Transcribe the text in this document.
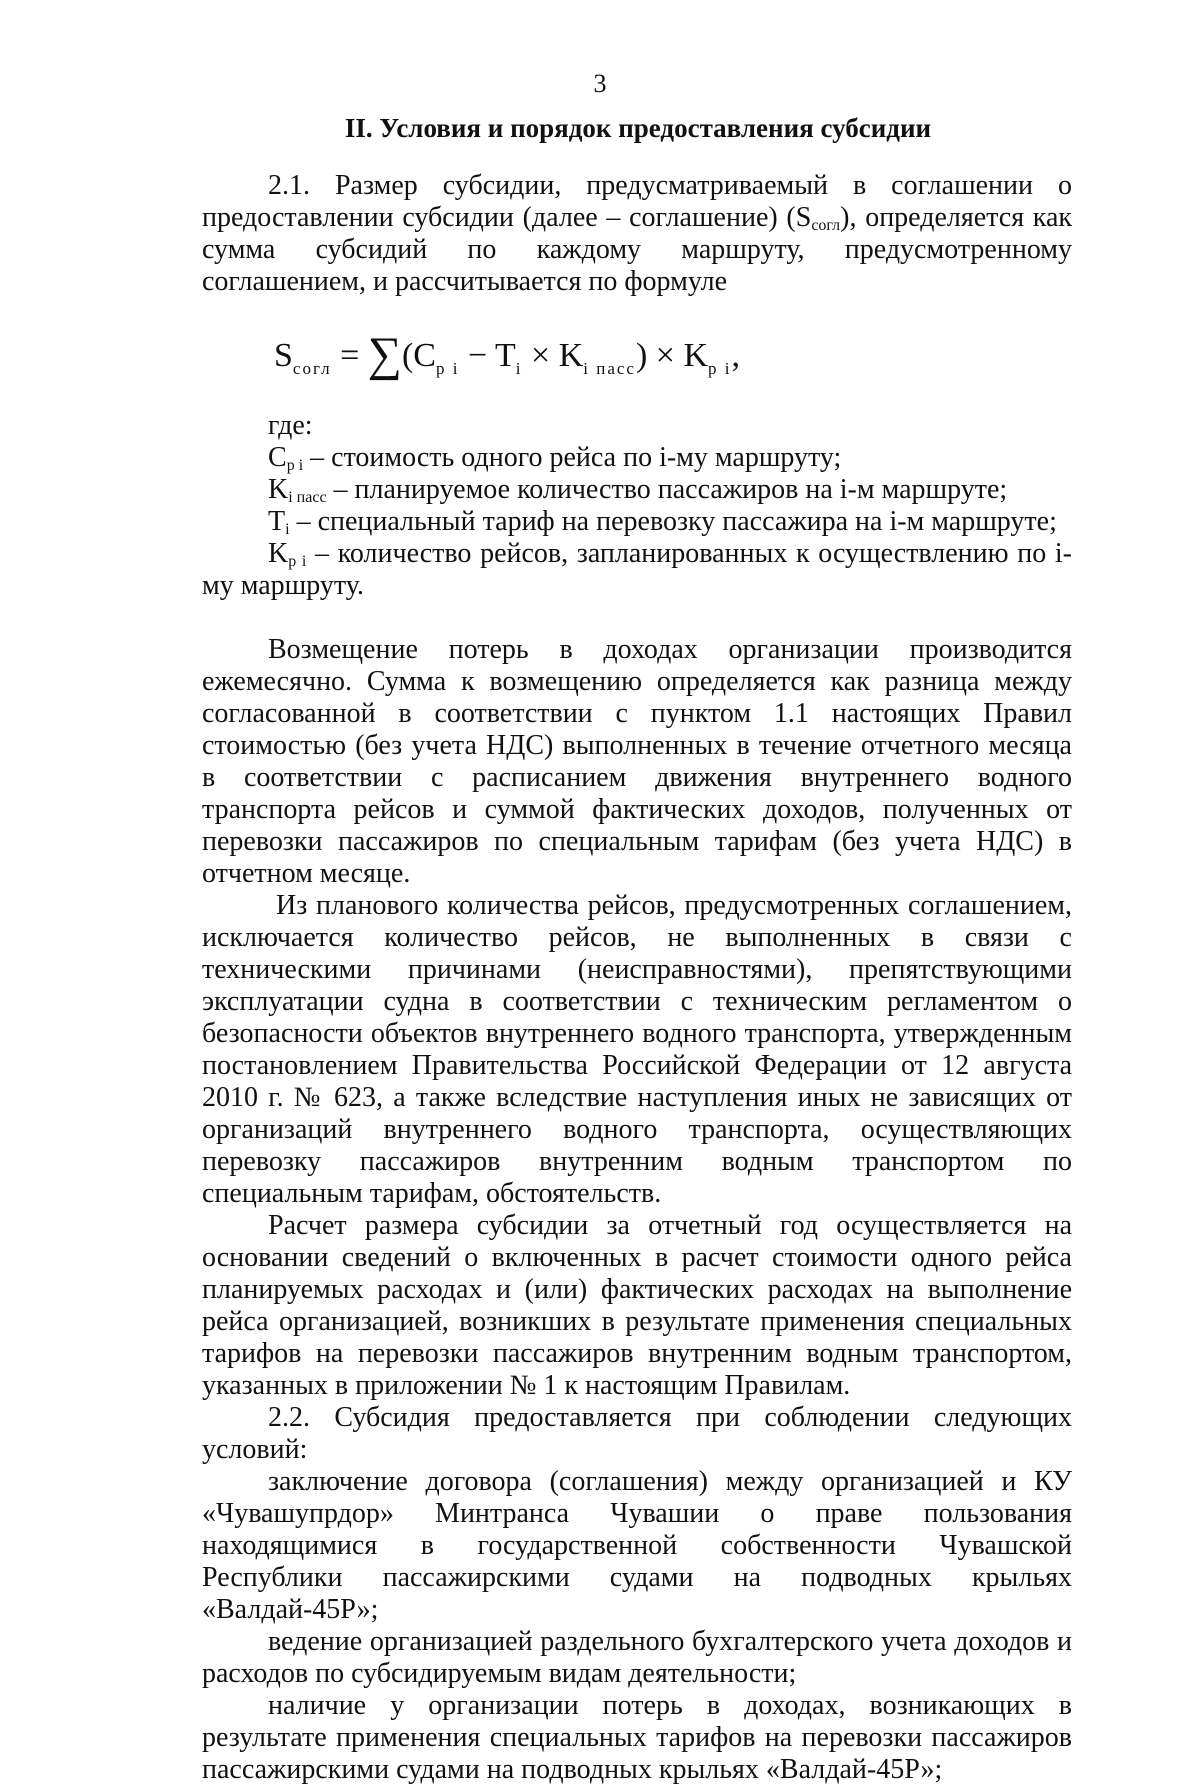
3
II. Условия и порядок предоставления субсидии

2.1. Размер субсидии, предусматриваемый в соглашении о предоставлении субсидии (далее – соглашение) $(S_{согл})$, определяется как сумма субсидий по каждому маршруту, предусмотренному соглашением, и рассчитывается по формуле

$S_{согл} = \sum(C_{p i} - T_i \times K_{i пасс}) \times K_{p i}$,

где:

$C_{p i}$ – стоимость одного рейса по i-му маршруту;

$K_{i пасс}$ – планируемое количество пассажиров на i-м маршруте;

$T_i$ – специальный тариф на перевозку пассажира на i-м маршруте;

$K_{p i}$ – количество рейсов, запланированных к осуществлению по i-му маршруту.

Возмещение потерь в доходах организации производится ежемесячно. Сумма к возмещению определяется как разница между согласованной в соответствии с пунктом 1.1 настоящих Правил стоимостью (без учета НДС) выполненных в течение отчетного месяца в соответствии с расписанием движения внутреннего водного транспорта рейсов и суммой фактических доходов, полученных от перевозки пассажиров по специальным тарифам (без учета НДС) в отчетном месяце.

Из планового количества рейсов, предусмотренных соглашением, исключается количество рейсов, не выполненных в связи с техническими причинами (неисправностями), препятствующими эксплуатации судна в соответствии с техническим регламентом о безопасности объектов внутреннего водного транспорта, утвержденным постановлением Правительства Российской Федерации от 12 августа 2010 г. № 623, а также вследствие наступления иных не зависящих от организаций внутреннего водного транспорта, осуществляющих перевозку пассажиров внутренним водным транспортом по специальным тарифам, обстоятельств.

Расчет размера субсидии за отчетный год осуществляется на основании сведений о включенных в расчет стоимости одного рейса планируемых расходах и (или) фактических расходах на выполнение рейса организацией, возникших в результате применения специальных тарифов на перевозки пассажиров внутренним водным транспортом, указанных в приложении № 1 к настоящим Правилам.

2.2. Субсидия предоставляется при соблюдении следующих условий:

заключение договора (соглашения) между организацией и КУ «Чувашупрдор» Минтранса Чувашии о праве пользования находящимися в государственной собственности Чувашской Республики пассажирскими судами на подводных крыльях «Валдай-45Р»;

ведение организацией раздельного бухгалтерского учета доходов и расходов по субсидируемым видам деятельности;

наличие у организации потерь в доходах, возникающих в результате применения специальных тарифов на перевозки пассажиров пассажирскими судами на подводных крыльях «Валдай-45Р»;
